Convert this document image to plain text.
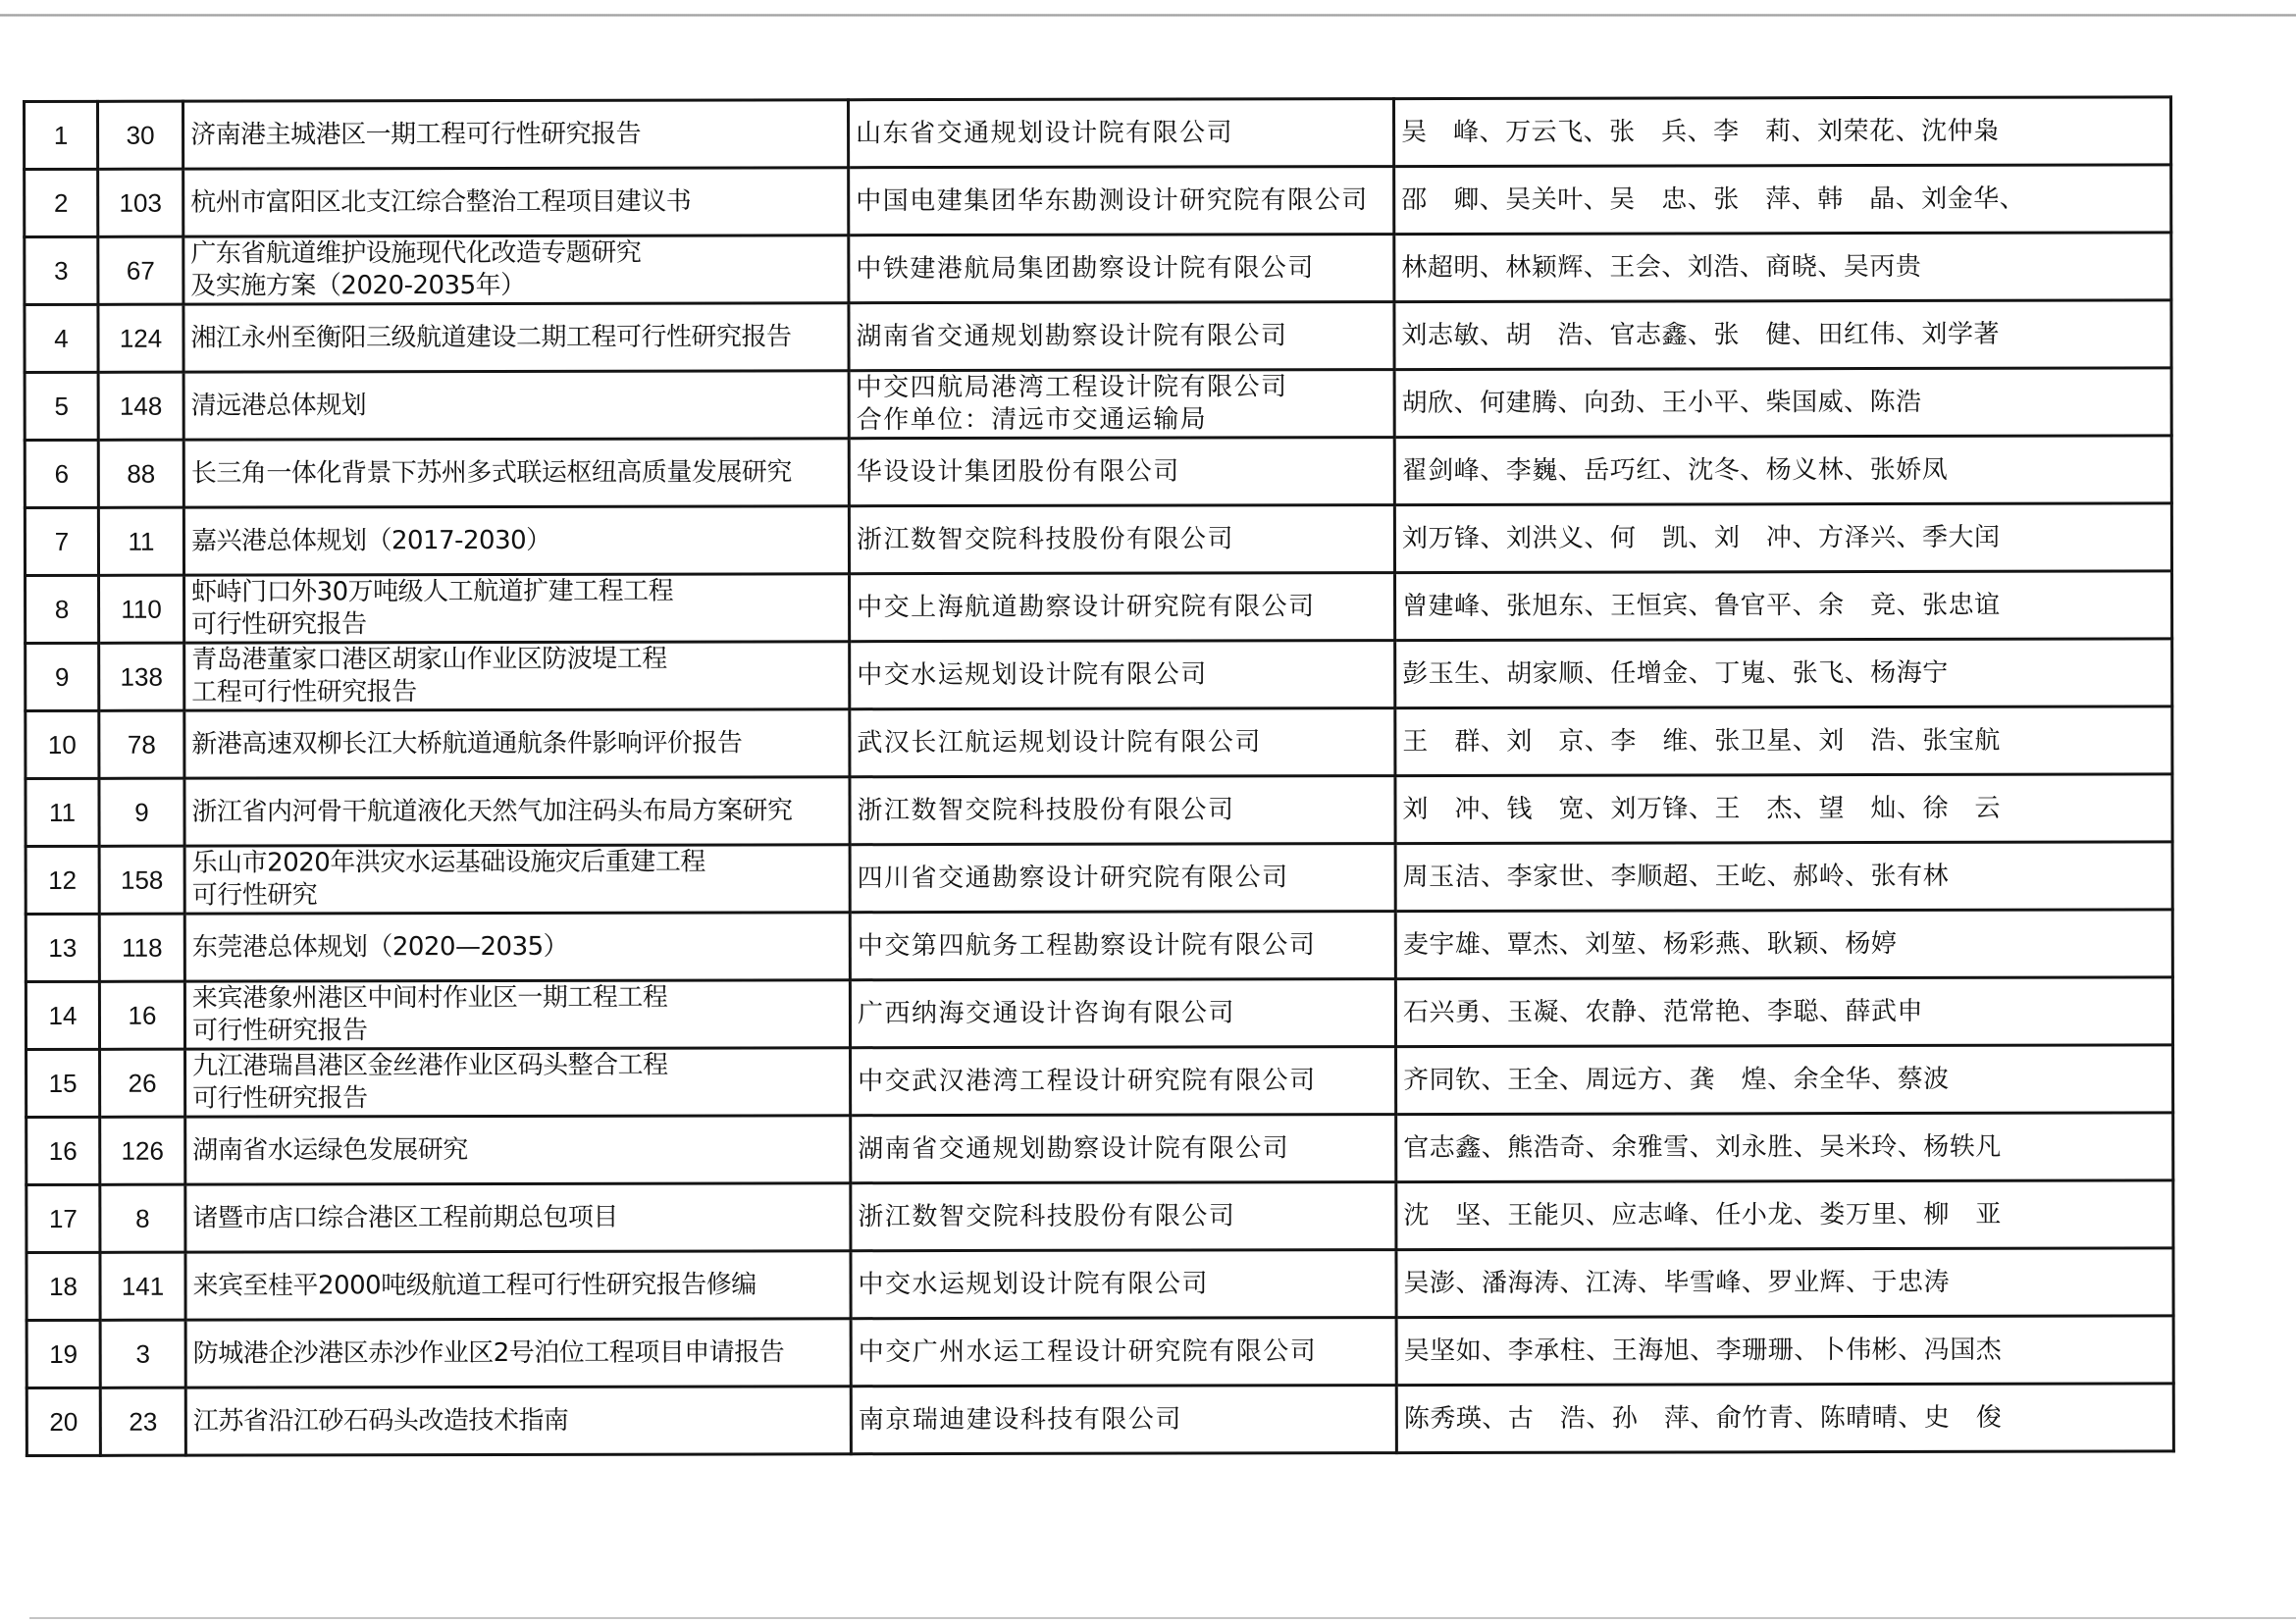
1	30	济南港主城港区一期工程可行性研究报告	山东省交通规划设计院有限公司	吴　峰、万云飞、张　兵、李　莉、刘荣花、沈仲枭
2	103	杭州市富阳区北支江综合整治工程项目建议书	中国电建集团华东勘测设计研究院有限公司	邵　卿、吴关叶、吴　忠、张　萍、韩　晶、刘金华、
3	67	广东省航道维护设施现代化改造专题研究
及实施方案（2020-2035年）	中铁建港航局集团勘察设计院有限公司	林超明、林颖辉、王会、刘浩、商晓、吴丙贵
4	124	湘江永州至衡阳三级航道建设二期工程可行性研究报告	湖南省交通规划勘察设计院有限公司	刘志敏、胡　浩、官志鑫、张　健、田红伟、刘学著
5	148	清远港总体规划	中交四航局港湾工程设计院有限公司
合作单位：清远市交通运输局	胡欣、何建腾、向劲、王小平、柴国威、陈浩
6	88	长三角一体化背景下苏州多式联运枢纽高质量发展研究	华设设计集团股份有限公司	翟剑峰、李巍、岳巧红、沈冬、杨义林、张娇凤
7	11	嘉兴港总体规划（2017-2030）	浙江数智交院科技股份有限公司	刘万锋、刘洪义、何　凯、刘　冲、方泽兴、季大闰
8	110	虾峙门口外30万吨级人工航道扩建工程工程
可行性研究报告	中交上海航道勘察设计研究院有限公司	曾建峰、张旭东、王恒宾、鲁官平、余　竞、张忠谊
9	138	青岛港董家口港区胡家山作业区防波堤工程
工程可行性研究报告	中交水运规划设计院有限公司	彭玉生、胡家顺、任增金、丁嵬、张飞、杨海宁
10	78	新港高速双柳长江大桥航道通航条件影响评价报告	武汉长江航运规划设计院有限公司	王　群、刘　京、李　维、张卫星、刘　浩、张宝航
11	9	浙江省内河骨干航道液化天然气加注码头布局方案研究	浙江数智交院科技股份有限公司	刘　冲、钱　宽、刘万锋、王　杰、望　灿、徐　云
12	158	乐山市2020年洪灾水运基础设施灾后重建工程
可行性研究	四川省交通勘察设计研究院有限公司	周玉洁、李家世、李顺超、王屹、郝岭、张有林
13	118	东莞港总体规划（2020—2035）	中交第四航务工程勘察设计院有限公司	麦宇雄、覃杰、刘堃、杨彩燕、耿颖、杨婷
14	16	来宾港象州港区中间村作业区一期工程工程
可行性研究报告	广西纳海交通设计咨询有限公司	石兴勇、玉凝、农静、范常艳、李聪、薛武申
15	26	九江港瑞昌港区金丝港作业区码头整合工程
可行性研究报告	中交武汉港湾工程设计研究院有限公司	齐同钦、王全、周远方、龚　煌、余全华、蔡波
16	126	湖南省水运绿色发展研究	湖南省交通规划勘察设计院有限公司	官志鑫、熊浩奇、余雅雪、刘永胜、吴米玲、杨轶凡
17	8	诸暨市店口综合港区工程前期总包项目	浙江数智交院科技股份有限公司	沈　坚、王能贝、应志峰、任小龙、娄万里、柳　亚
18	141	来宾至桂平2000吨级航道工程可行性研究报告修编	中交水运规划设计院有限公司	吴澎、潘海涛、江涛、毕雪峰、罗业辉、于忠涛
19	3	防城港企沙港区赤沙作业区2号泊位工程项目申请报告	中交广州水运工程设计研究院有限公司	吴坚如、李承柱、王海旭、李珊珊、卜伟彬、冯国杰
20	23	江苏省沿江砂石码头改造技术指南	南京瑞迪建设科技有限公司	陈秀瑛、古　浩、孙　萍、俞竹青、陈晴晴、史　俊
